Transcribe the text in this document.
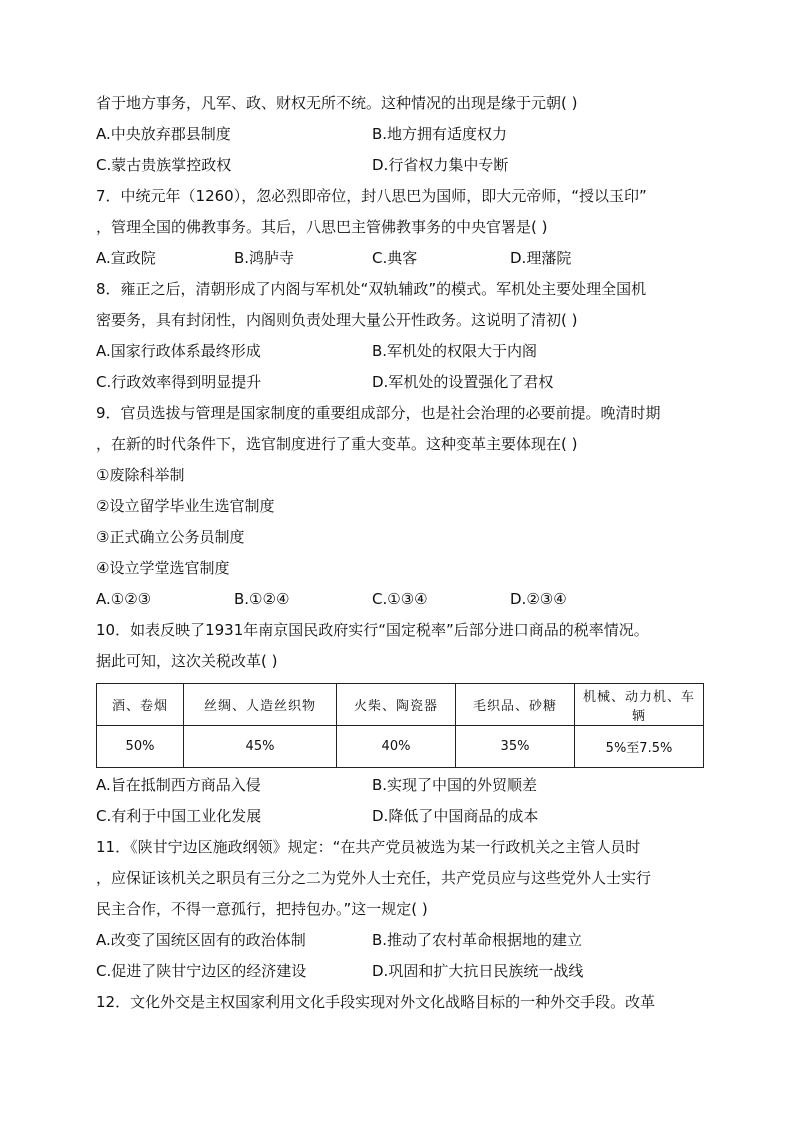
省于地方事务，凡军、政、财权无所不统。这种情况的出现是缘于元朝( )
A.中央放弃郡县制度	B.地方拥有适度权力
C.蒙古贵族掌控政权	D.行省权力集中专断
7．中统元年（1260），忽必烈即帝位，封八思巴为国师，即大元帝师，“授以玉印”
，管理全国的佛教事务。其后，八思巴主管佛教事务的中央官署是( )
A.宣政院	B.鸿胪寺	C.典客	D.理藩院
8．雍正之后，清朝形成了内阁与军机处“双轨辅政”的模式。军机处主要处理全国机
密要务，具有封闭性，内阁则负责处理大量公开性政务。这说明了清初( )
A.国家行政体系最终形成	B.军机处的权限大于内阁
C.行政效率得到明显提升	D.军机处的设置强化了君权
9．官员选拔与管理是国家制度的重要组成部分，也是社会治理的必要前提。晚清时期
，在新的时代条件下，选官制度进行了重大变革。这种变革主要体现在( )
①废除科举制
②设立留学毕业生选官制度
③正式确立公务员制度
④设立学堂选官制度
A.①②③	B.①②④	C.①③④	D.②③④
10．如表反映了1931年南京国民政府实行“国定税率”后部分进口商品的税率情况。
据此可知，这次关税改革( )
酒、卷烟	丝绸、人造丝织物	火柴、陶瓷器	毛织品、砂糖	机械、动力机、车辆
50%	45%	40%	35%	5%至7.5%
A.旨在抵制西方商品入侵	B.实现了中国的外贸顺差
C.有利于中国工业化发展	D.降低了中国商品的成本
11．《陕甘宁边区施政纲领》规定：“在共产党员被选为某一行政机关之主管人员时
，应保证该机关之职员有三分之二为党外人士充任，共产党员应与这些党外人士实行
民主合作，不得一意孤行，把持包办。”这一规定( )
A.改变了国统区固有的政治体制	B.推动了农村革命根据地的建立
C.促进了陕甘宁边区的经济建设	D.巩固和扩大抗日民族统一战线
12．文化外交是主权国家利用文化手段实现对外文化战略目标的一种外交手段。改革
